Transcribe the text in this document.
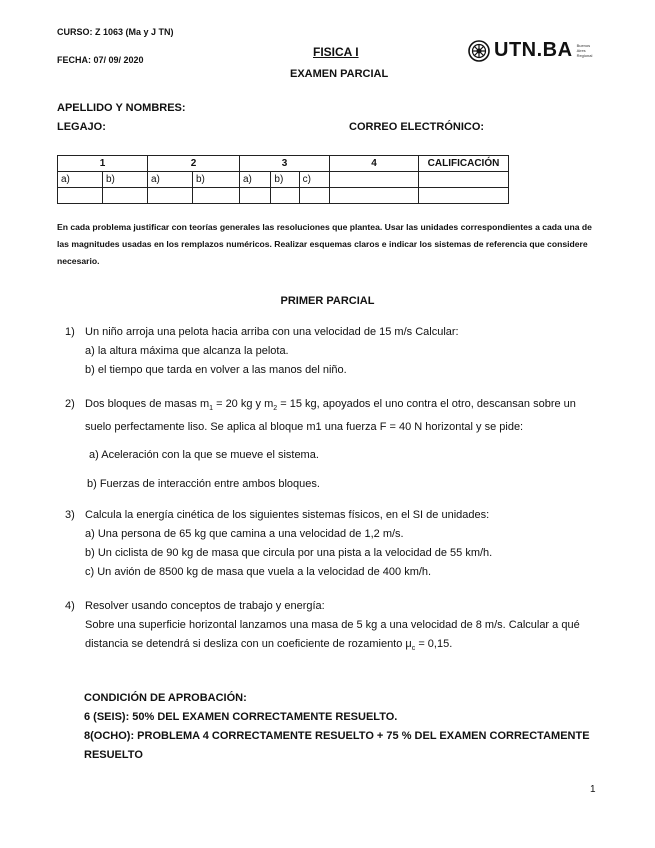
CURSO: Z 1063 (Ma y J TN)
FECHA: 07/ 09/ 2020
FISICA I
EXAMEN PARCIAL
UTN.BA Buenos
Aires
Regional
APELLIDO Y NOMBRES:
LEGAJO:	CORREO ELECTRÓNICO:
1		2		3			4	CALIFICACIÓN
a)	b)	a)	b)	a)	b)	c)		

En cada problema justificar con teorías generales las resoluciones que plantea. Usar las unidades correspondientes a cada una de las magnitudes usadas en los remplazos numéricos. Realizar esquemas claros e indicar los sistemas de referencia que considere necesario.
PRIMER PARCIAL
1) Un niño arroja una pelota hacia arriba con una velocidad de 15 m/s Calcular:
a) la altura máxima que alcanza la pelota.
b) el tiempo que tarda en volver a las manos del niño.
2) Dos bloques de masas $m_1 = 20$ kg y $m_2 = 15$ kg, apoyados el uno contra el otro, descansan sobre un suelo perfectamente liso. Se aplica al bloque m1 una fuerza F = 40 N horizontal y se pide:
a) Aceleración con la que se mueve el sistema.
b) Fuerzas de interacción entre ambos bloques.
3) Calcula la energía cinética de los siguientes sistemas físicos, en el SI de unidades:
a) Una persona de 65 kg que camina a una velocidad de 1,2 m/s.
b) Un ciclista de 90 kg de masa que circula por una pista a la velocidad de 55 km/h.
c) Un avión de 8500 kg de masa que vuela a la velocidad de 400 km/h.
4) Resolver usando conceptos de trabajo y energía:
Sobre una superficie horizontal lanzamos una masa de 5 kg a una velocidad de 8 m/s. Calcular a qué distancia se detendrá si desliza con un coeficiente de rozamiento $\mu_c = 0,15$.
CONDICIÓN DE APROBACIÓN:
6 (SEIS): 50% DEL EXAMEN CORRECTAMENTE RESUELTO.
8(OCHO): PROBLEMA 4 CORRECTAMENTE RESUELTO + 75 % DEL EXAMEN CORRECTAMENTE RESUELTO
1
